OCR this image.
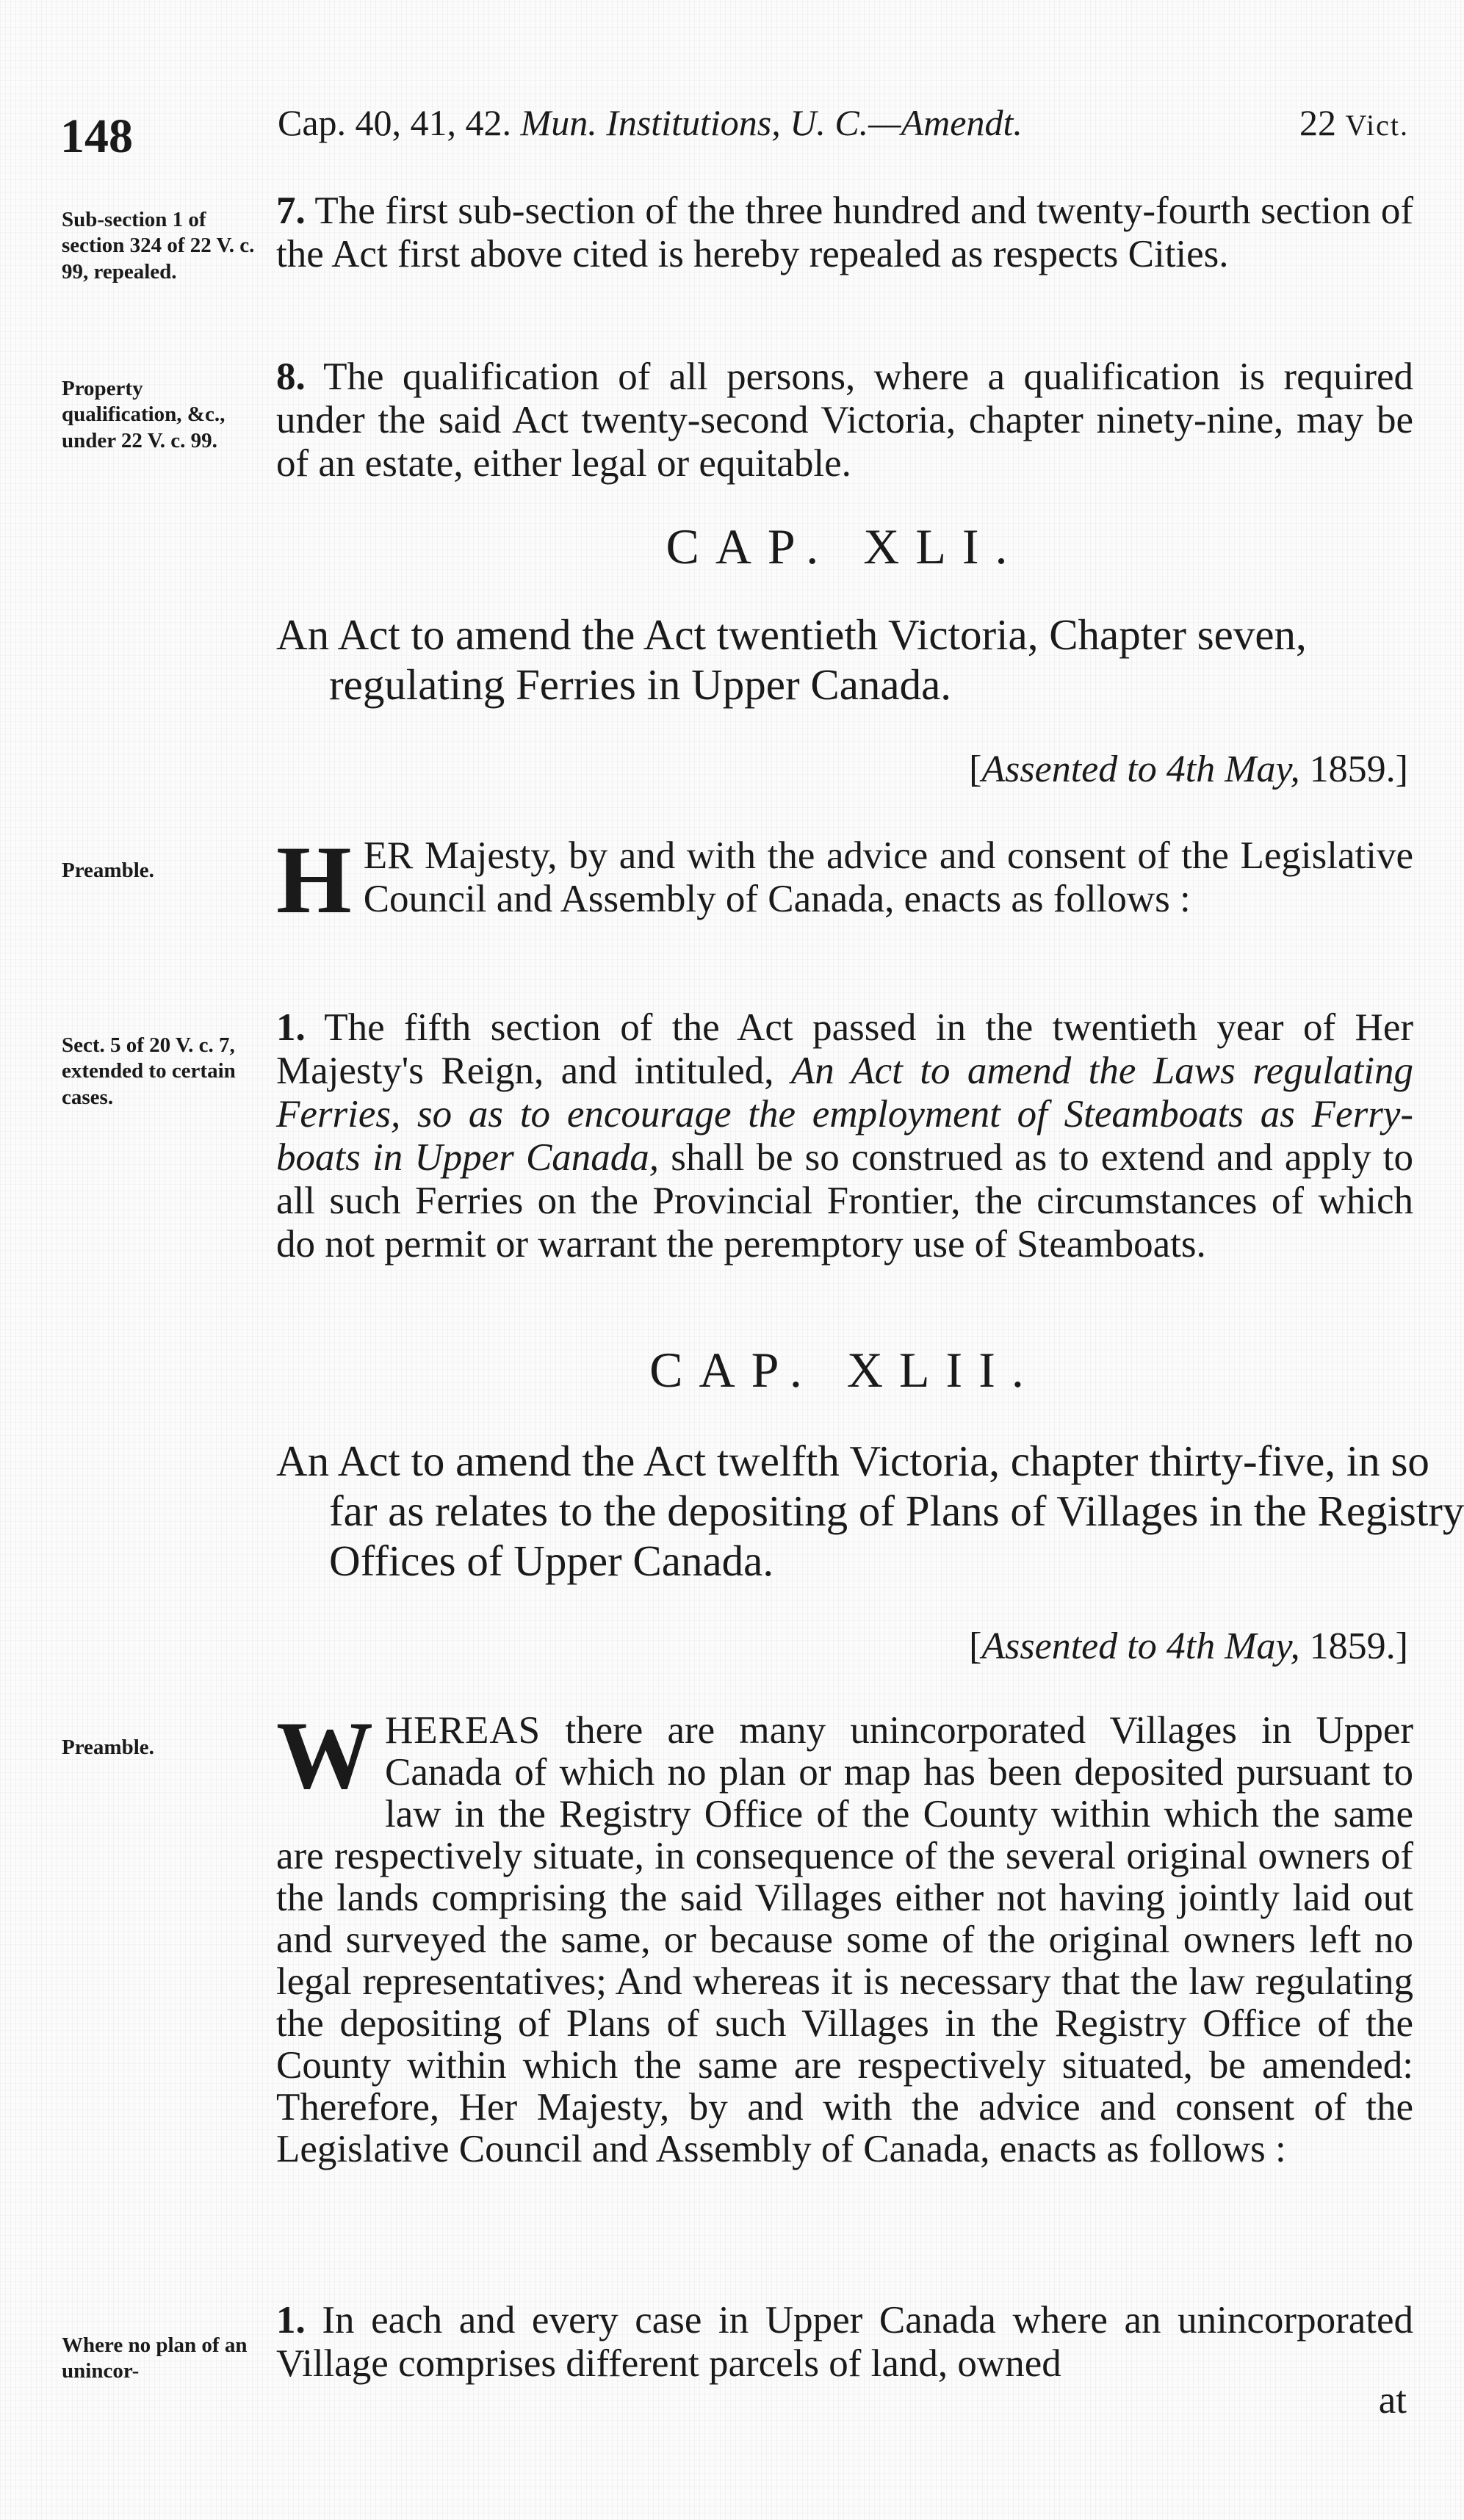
148	Cap. 40, 41, 42. Mun. Institutions, U. C.—Amendt.	22 Vict.
Sub-section 1 of section 324 of 22 V. c. 99, repealed.

7. The first sub-section of the three hundred and twenty-fourth section of the Act first above cited is hereby repealed as respects Cities.

Property qualification, &c., under 22 V. c. 99.

8. The qualification of all persons, where a qualification is required under the said Act twenty-second Victoria, chapter ninety-nine, may be of an estate, either legal or equitable.

CAP. XLI.

An Act to amend the Act twentieth Victoria, Chapter seven, regulating Ferries in Upper Canada.

[Assented to 4th May, 1859.]
Preamble.	HER Majesty, by and with the advice and consent of the Legislative Council and Assembly of Canada, enacts as follows :

Sect. 5 of 20 V. c. 7, extended to certain cases.

1. The fifth section of the Act passed in the twentieth year of Her Majesty's Reign, and intituled, An Act to amend the Laws regulating Ferries, so as to encourage the employment of Steamboats as Ferry-boats in Upper Canada, shall be so construed as to extend and apply to all such Ferries on the Provincial Frontier, the circumstances of which do not permit or warrant the peremptory use of Steamboats.

CAP. XLII.

An Act to amend the Act twelfth Victoria, chapter thirty-five, in so far as relates to the depositing of Plans of Villages in the Registry Offices of Upper Canada.

[Assented to 4th May, 1859.]
Preamble.	WHEREAS there are many unincorporated Villages in Upper Canada of which no plan or map has been deposited pursuant to law in the Registry Office of the County within which the same are respectively situate, in consequence of the several original owners of the lands comprising the said Villages either not having jointly laid out and surveyed the same, or because some of the original owners left no legal representatives; And whereas it is necessary that the law regulating the depositing of Plans of such Villages in the Registry Office of the County within which the same are respectively situated, be amended: Therefore, Her Majesty, by and with the advice and consent of the Legislative Council and Assembly of Canada, enacts as follows :

Where no plan of an unincor-

1. In each and every case in Upper Canada where an unincorporated Village comprises different parcels of land, owned

at
